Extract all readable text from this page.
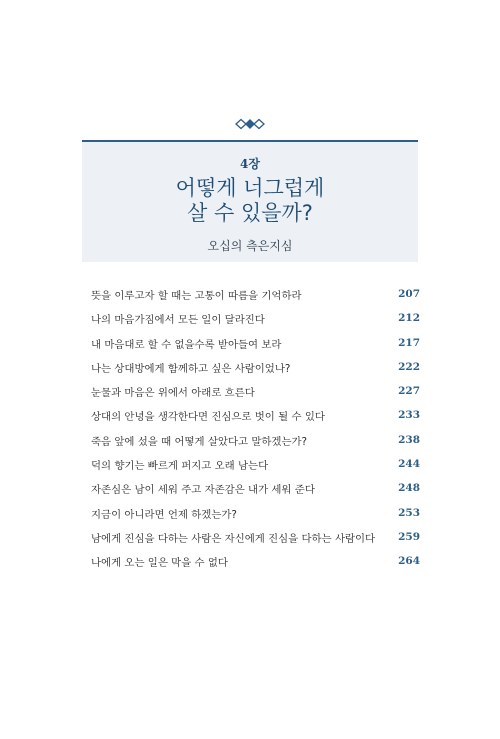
4장
어떻게 너그럽게
살 수 있을까?
오십의 측은지심
뜻을 이루고자 할 때는 고통이 따름을 기억하라	207
나의 마음가짐에서 모든 일이 달라진다	212
내 마음대로 할 수 없을수록 받아들여 보라	217
나는 상대방에게 함께하고 싶은 사람이었나?	222
눈물과 마음은 위에서 아래로 흐른다	227
상대의 안녕을 생각한다면 진심으로 벗이 될 수 있다	233
죽음 앞에 섰을 때 어떻게 살았다고 말하겠는가?	238
덕의 향기는 빠르게 퍼지고 오래 남는다	244
자존심은 남이 세워 주고 자존감은 내가 세워 준다	248
지금이 아니라면 언제 하겠는가?	253
남에게 진심을 다하는 사람은 자신에게 진심을 다하는 사람이다 259
나에게 오는 일은 막을 수 없다	264
